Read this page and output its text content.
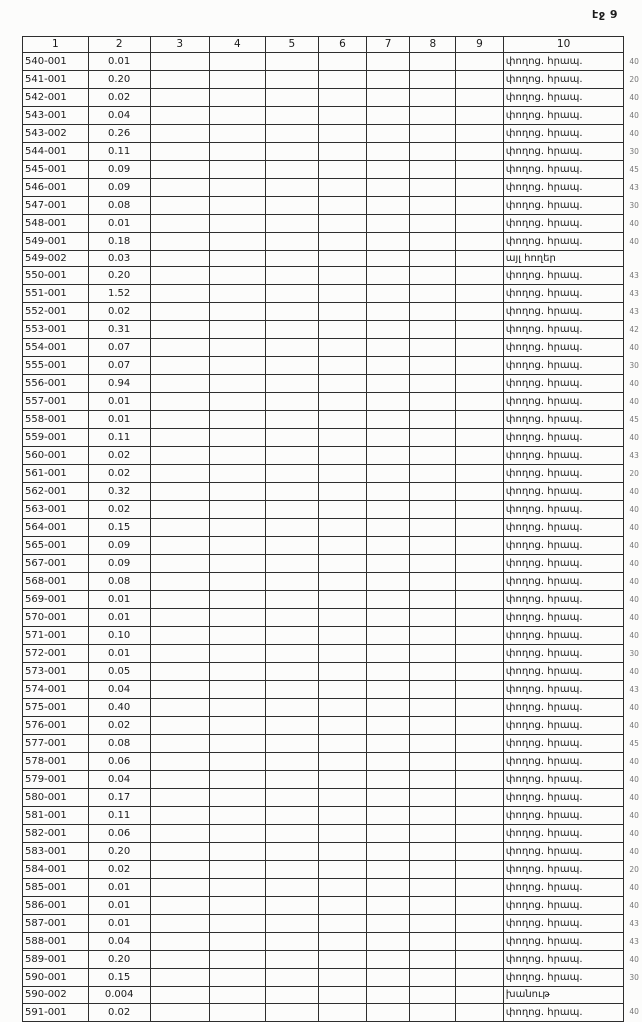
էջ 9
1	2	3	4	5	6	7	8	9	10	
540-001	0.01								փողոց. հրապ.	40
541-001	0.20								փողոց. հրապ.	20
542-001	0.02								փողոց. հրապ.	40
543-001	0.04								փողոց. հրապ.	40
543-002	0.26								փողոց. հրապ.	40
544-001	0.11								փողոց. հրապ.	30
545-001	0.09								փողոց. հրապ.	45
546-001	0.09								փողոց. հրապ.	43
547-001	0.08								փողոց. հրապ.	30
548-001	0.01								փողոց. հրապ.	40
549-001	0.18								փողոց. հրապ.	40
549-002	0.03								այլ հողեր	
550-001	0.20								փողոց. հրապ.	43
551-001	1.52								փողոց. հրապ.	43
552-001	0.02								փողոց. հրապ.	43
553-001	0.31								փողոց. հրապ.	42
554-001	0.07								փողոց. հրապ.	40
555-001	0.07								փողոց. հրապ.	30
556-001	0.94								փողոց. հրապ.	40
557-001	0.01								փողոց. հրապ.	40
558-001	0.01								փողոց. հրապ.	45
559-001	0.11								փողոց. հրապ.	40
560-001	0.02								փողոց. հրապ.	43
561-001	0.02								փողոց. հրապ.	20
562-001	0.32								փողոց. հրապ.	40
563-001	0.02								փողոց. հրապ.	40
564-001	0.15								փողոց. հրապ.	40
565-001	0.09								փողոց. հրապ.	40
567-001	0.09								փողոց. հրապ.	40
568-001	0.08								փողոց. հրապ.	40
569-001	0.01								փողոց. հրապ.	40
570-001	0.01								փողոց. հրապ.	40
571-001	0.10								փողոց. հրապ.	40
572-001	0.01								փողոց. հրապ.	30
573-001	0.05								փողոց. հրապ.	40
574-001	0.04								փողոց. հրապ.	43
575-001	0.40								փողոց. հրապ.	40
576-001	0.02								փողոց. հրապ.	40
577-001	0.08								փողոց. հրապ.	45
578-001	0.06								փողոց. հրապ.	40
579-001	0.04								փողոց. հրապ.	40
580-001	0.17								փողոց. հրապ.	40
581-001	0.11								փողոց. հրապ.	40
582-001	0.06								փողոց. հրապ.	40
583-001	0.20								փողոց. հրապ.	40
584-001	0.02								փողոց. հրապ.	20
585-001	0.01								փողոց. հրապ.	40
586-001	0.01								փողոց. հրապ.	40
587-001	0.01								փողոց. հրապ.	43
588-001	0.04								փողոց. հրապ.	43
589-001	0.20								փողոց. հրապ.	40
590-001	0.15								փողոց. հրապ.	30
590-002	0.004								խանութ	
591-001	0.02								փողոց. հրապ.	40
